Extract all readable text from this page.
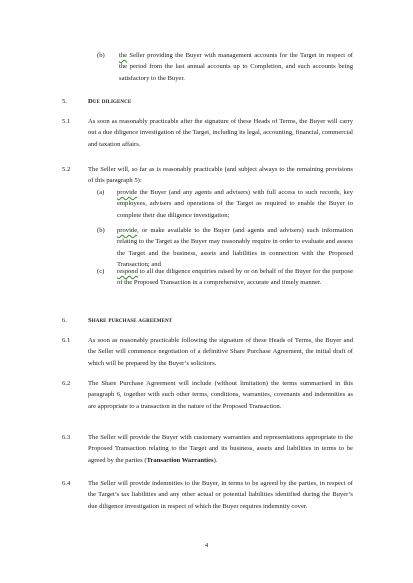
(b) the Seller providing the Buyer with management accounts for the Target in respect of the period from the last annual accounts up to Completion, and such accounts being satisfactory to the Buyer.
5.	Due diligence
5.1	As soon as reasonably practicable after the signature of these Heads of Terms, the Buyer will carry out a due diligence investigation of the Target, including its legal, accounting, financial, commercial and taxation affairs.
5.2	The Seller will, so far as is reasonably practicable (and subject always to the remaining provisions of this paragraph 5):
(a) provide the Buyer (and any agents and advisers) with full access to such records, key employees, advisers and operations of the Target as required to enable the Buyer to complete their due diligence investigation;
(b) provide, or make available to the Buyer (and agents and advisers) such information relating to the Target as the Buyer may reasonably require in order to evaluate and assess the Target and the business, assets and liabilities in connection with the Proposed Transaction; and
(c) respond to all due diligence enquiries raised by or on behalf of the Buyer for the purpose of the Proposed Transaction in a comprehensive, accurate and timely manner.
6.	Share purchase agreement
6.1	As soon as reasonably practicable following the signature of these Heads of Terms, the Buyer and the Seller will commence negotiation of a definitive Share Purchase Agreement, the initial draft of which will be prepared by the Buyer’s solicitors.
6.2	The Share Purchase Agreement will include (without limitation) the terms summarised in this paragraph 6, together with such other terms, conditions, warranties, covenants and indemnities as are appropriate to a transaction in the nature of the Proposed Transaction.
6.3	The Seller will provide the Buyer with customary warranties and representations appropriate to the Proposed Transaction relating to the Target and its business, assets and liabilities in terms to be agreed by the parties (Transaction Warranties).
6.4	The Seller will provide indemnities to the Buyer, in terms to be agreed by the parties, in respect of the Target’s tax liabilities and any other actual or potential liabilities identified during the Buyer’s due diligence investigation in respect of which the Buyer requires indemnity cover.
4
